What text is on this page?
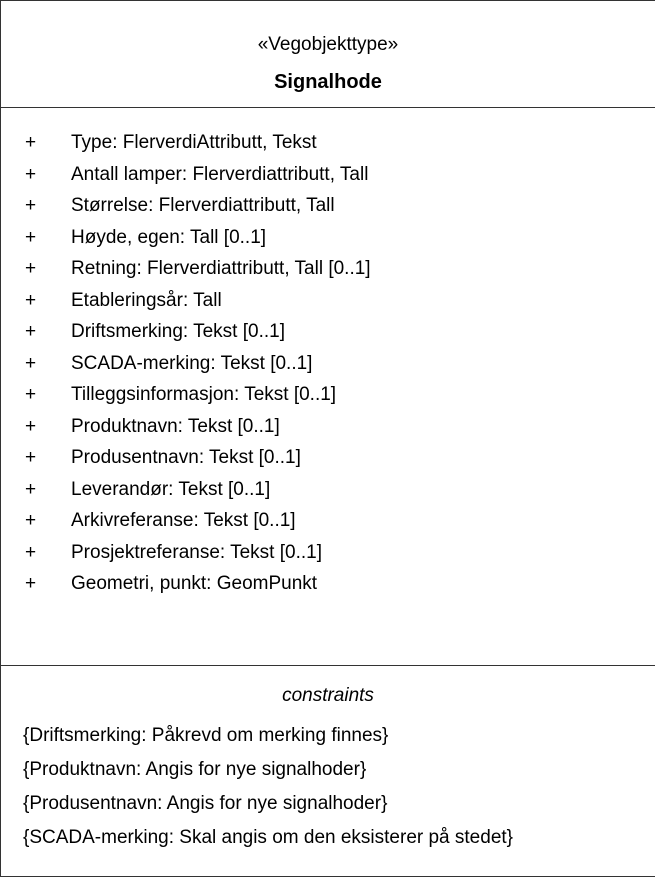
«Vegobjekttype»
Signalhode
+ Type: FlerverdiAttributt, Tekst
+ Antall lamper: Flerverdiattributt, Tall
+ Størrelse: Flerverdiattributt, Tall
+ Høyde, egen: Tall [0..1]
+ Retning: Flerverdiattributt, Tall [0..1]
+ Etableringsår: Tall
+ Driftsmerking: Tekst [0..1]
+ SCADA-merking: Tekst [0..1]
+ Tilleggsinformasjon: Tekst [0..1]
+ Produktnavn: Tekst [0..1]
+ Produsentnavn: Tekst [0..1]
+ Leverandør: Tekst [0..1]
+ Arkivreferanse: Tekst [0..1]
+ Prosjektreferanse: Tekst [0..1]
+ Geometri, punkt: GeomPunkt
constraints
{Driftsmerking: Påkrevd om merking finnes}
{Produktnavn: Angis for nye signalhoder}
{Produsentnavn: Angis for nye signalhoder}
{SCADA-merking: Skal angis om den eksisterer på stedet}
